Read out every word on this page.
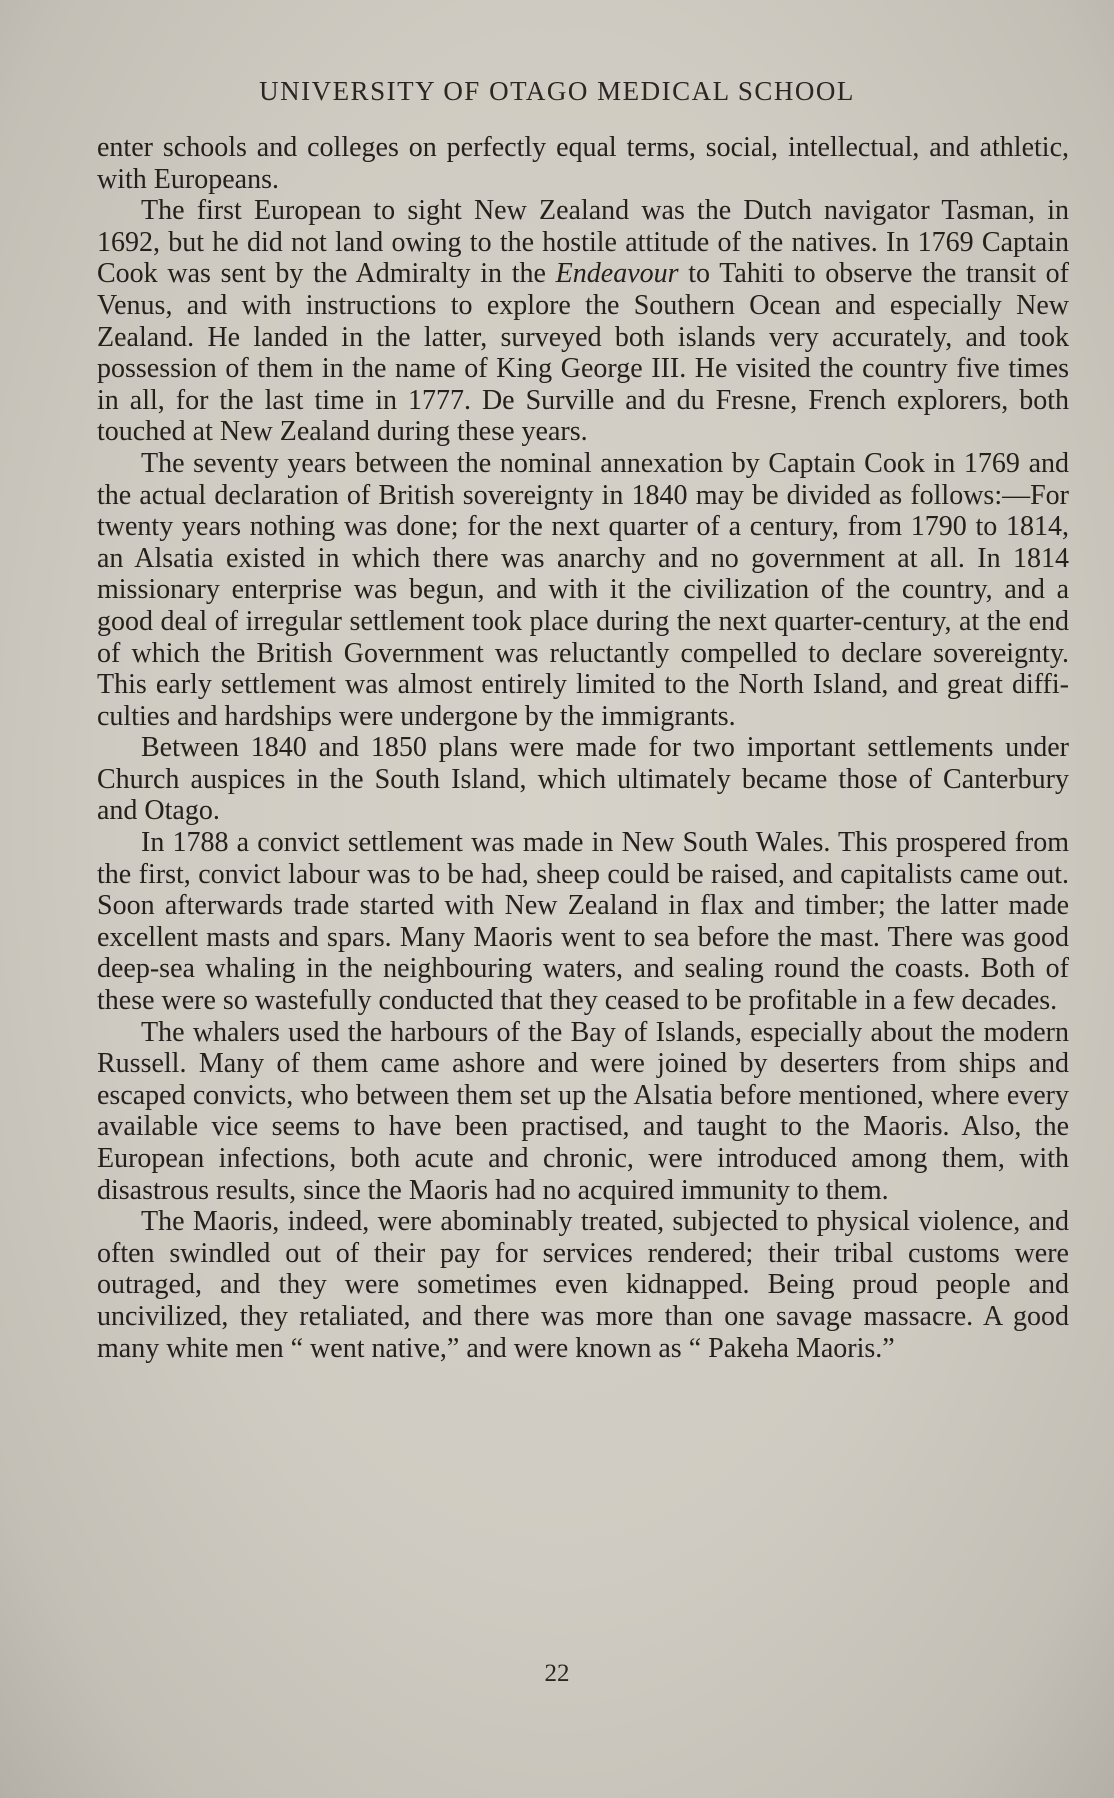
UNIVERSITY OF OTAGO MEDICAL SCHOOL

enter schools and colleges on perfectly equal terms, social, intellectual, and athletic, with Europeans.

The first European to sight New Zealand was the Dutch navigator Tasman, in 1692, but he did not land owing to the hostile attitude of the natives. In 1769 Captain Cook was sent by the Admiralty in the Endeavour to Tahiti to observe the transit of Venus, and with instructions to explore the Southern Ocean and especially New Zealand. He landed in the latter, surveyed both islands very accurately, and took possession of them in the name of King George III. He visited the country five times in all, for the last time in 1777. De Surville and du Fresne, French explorers, both touched at New Zealand during these years.

The seventy years between the nominal annexation by Captain Cook in 1769 and the actual declaration of British sovereignty in 1840 may be divided as follows:—For twenty years nothing was done; for the next quarter of a century, from 1790 to 1814, an Alsatia existed in which there was anarchy and no government at all. In 1814 missionary enterprise was begun, and with it the civilization of the country, and a good deal of irregular settlement took place during the next quarter-century, at the end of which the British Government was reluctantly compelled to declare sovereignty. This early settlement was almost entirely limited to the North Island, and great difficulties and hardships were undergone by the immigrants.

Between 1840 and 1850 plans were made for two important settlements under Church auspices in the South Island, which ultimately became those of Canterbury and Otago.

In 1788 a convict settlement was made in New South Wales. This prospered from the first, convict labour was to be had, sheep could be raised, and capitalists came out. Soon afterwards trade started with New Zealand in flax and timber; the latter made excellent masts and spars. Many Maoris went to sea before the mast. There was good deep-sea whaling in the neighbouring waters, and sealing round the coasts. Both of these were so wastefully conducted that they ceased to be profitable in a few decades.

The whalers used the harbours of the Bay of Islands, especially about the modern Russell. Many of them came ashore and were joined by deserters from ships and escaped convicts, who between them set up the Alsatia before mentioned, where every available vice seems to have been practised, and taught to the Maoris. Also, the European infections, both acute and chronic, were introduced among them, with disastrous results, since the Maoris had no acquired immunity to them.

The Maoris, indeed, were abominably treated, subjected to physical violence, and often swindled out of their pay for services rendered; their tribal customs were outraged, and they were sometimes even kidnapped. Being proud people and uncivilized, they retaliated, and there was more than one savage massacre. A good many white men “ went native,” and were known as “ Pakeha Maoris.”

22
